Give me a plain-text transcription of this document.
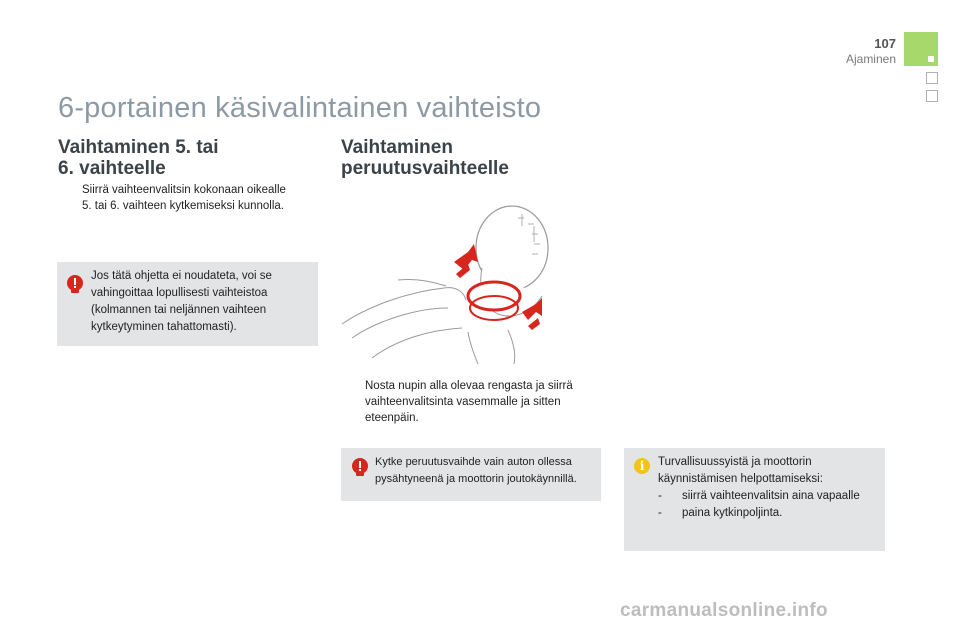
107
Ajaminen
6-portainen käsivalintainen vaihteisto
Vaihtaminen 5. tai
6. vaihteelle
Siirrä vaihteenvalitsin kokonaan oikealle
5. tai 6. vaihteen kytkemiseksi kunnolla.
Jos tätä ohjetta ei noudateta, voi se
vahingoittaa lopullisesti vaihteistoa
(kolmannen tai neljännen vaihteen
kytkeytyminen tahattomasti).
Vaihtaminen
peruutusvaihteelle
Nosta nupin alla olevaa rengasta ja siirrä
vaihteenvalitsinta vasemmalle ja sitten
eteenpäin.
Kytke peruutusvaihde vain auton ollessa
pysähtyneenä ja moottorin joutokäynnillä.
i	Turvallisuussyistä ja moottorin
käynnistämisen helpottamiseksi:
- siirrä vaihteenvalitsin aina vapaalle
- paina kytkinpoljinta.
carmanualsonline.info
